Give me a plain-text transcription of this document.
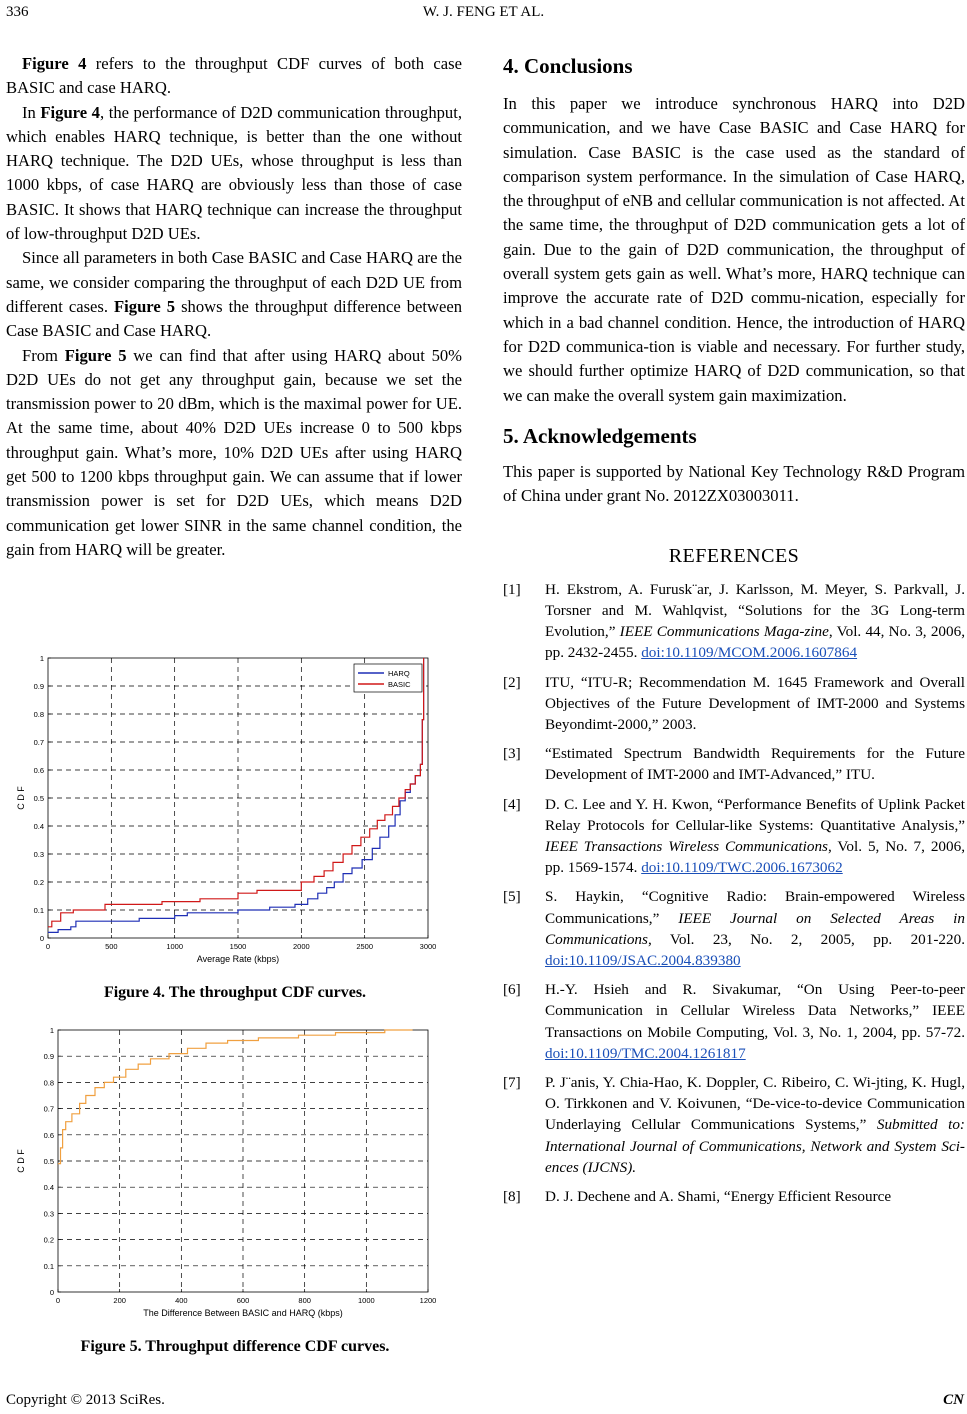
336	W. J. FENG ET AL.

Figure 4 refers to the throughput CDF curves of both case BASIC and case HARQ.

In Figure 4, the performance of D2D communication throughput, which enables HARQ technique, is better than the one without HARQ technique. The D2D UEs, whose throughput is less than 1000 kbps, of case HARQ are obviously less than those of case BASIC. It shows that HARQ technique can increase the throughput of low-throughput D2D UEs.

Since all parameters in both Case BASIC and Case HARQ are the same, we consider comparing the throughput of each D2D UE from different cases. Figure 5 shows the throughput difference between Case BASIC and Case HARQ.

From Figure 5 we can find that after using HARQ about 50% D2D UEs do not get any throughput gain, because we set the transmission power to 20 dBm, which is the maximal power for UE. At the same time, about 40% D2D UEs increase 0 to 500 kbps throughput gain. What’s more, 10% D2D UEs after using HARQ get 500 to 1200 kbps throughput gain. We can assume that if lower transmission power is set for D2D UEs, which means D2D communication get lower SINR in the same channel condition, the gain from HARQ will be greater.

0	500	1000	1500	2000	2500	3000
0
0.1
0.2
0.3
0.4
0.5
0.6
0.7
0.8
0.9
1
HARQ
BASIC
Average Rate (kbps)
C D F
Figure 4. The throughput CDF curves.
0	200	400	600	800	1000	1200
0
0.1
0.2
0.3
0.4
0.5
0.6
0.7
0.8
0.9
1
The Difference Between BASIC and HARQ (kbps)
C D F
Figure 5. Throughput difference CDF curves.
4. Conclusions

In this paper we introduce synchronous HARQ into D2D communication, and we have Case BASIC and Case HARQ for simulation. Case BASIC is the case used as the standard of comparison system performance. In the simulation of Case HARQ, the throughput of eNB and cellular communication is not affected. At the same time, the throughput of D2D communication gets a lot of gain. Due to the gain of D2D communication, the throughput of overall system gets gain as well. What’s more, HARQ technique can improve the accurate rate of D2D commu-nication, especially for which in a bad channel condition. Hence, the introduction of HARQ for D2D communica-tion is viable and necessary. For further study, we should further optimize HARQ of D2D communication, so that we can make the overall system gain maximization.

5. Acknowledgements

This paper is supported by National Key Technology R&D Program of China under grant No. 2012ZX03003011.

REFERENCES
[1] H. Ekstrom, A. Furusk¨ar, J. Karlsson, M. Meyer, S. Parkvall, J. Torsner and M. Wahlqvist, “Solutions for the 3G Long-term Evolution,” IEEE Communications Maga-zine, Vol. 44, No. 3, 2006, pp. 2432-2455. doi:10.1109/MCOM.2006.1607864
[2] ITU, “ITU-R; Recommendation M. 1645 Framework and Overall Objectives of the Future Development of IMT-2000 and Systems Beyondimt-2000,” 2003.
[3] “Estimated Spectrum Bandwidth Requirements for the Future Development of IMT-2000 and IMT-Advanced,” ITU.
[4] D. C. Lee and Y. H. Kwon, “Performance Benefits of Uplink Packet Relay Protocols for Cellular-like Systems: Quantitative Analysis,” IEEE Transactions Wireless Communications, Vol. 5, No. 7, 2006, pp. 1569-1574. doi:10.1109/TWC.2006.1673062
[5] S. Haykin, “Cognitive Radio: Brain-empowered Wireless Communications,” IEEE Journal on Selected Areas in Communications, Vol. 23, No. 2, 2005, pp. 201-220. doi:10.1109/JSAC.2004.839380
[6] H.-Y. Hsieh and R. Sivakumar, “On Using Peer-to-peer Communication in Cellular Wireless Data Networks,” IEEE Transactions on Mobile Computing, Vol. 3, No. 1, 2004, pp. 57-72. doi:10.1109/TMC.2004.1261817
[7] P. J¨anis, Y. Chia-Hao, K. Doppler, C. Ribeiro, C. Wi-jting, K. Hugl, O. Tirkkonen and V. Koivunen, “De-vice-to-device Communication Underlaying Cellular Communications Systems,” Submitted to: International Journal of Communications, Network and System Sci-ences (IJCNS).
[8] D. J. Dechene and A. Shami, “Energy Efficient Resource
Copyright © 2013 SciRes.	CN
